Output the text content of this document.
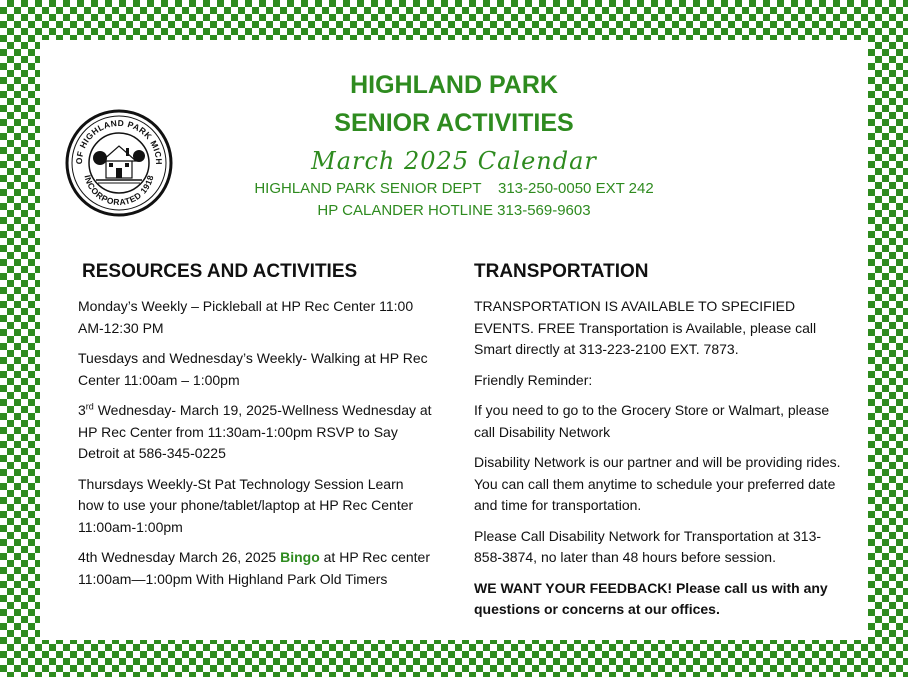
HIGHLAND PARK
SENIOR ACTIVITIES
March 2025 Calendar
HIGHLAND PARK SENIOR DEPT    313-250-0050 EXT 242
HP CALANDER HOTLINE 313-569-9603
OF HIGHLAND PARK MICH
INCORPORATED 1918
RESOURCES AND ACTIVITIES

Monday’s Weekly – Pickleball at HP Rec Center 11:00 AM-12:30 PM

Tuesdays and Wednesday’s Weekly- Walking at HP Rec Center 11:00am – 1:00pm

3rd Wednesday- March 19, 2025-Wellness Wednesday at HP Rec Center from 11:30am-1:00pm RSVP to Say Detroit at 586-345-0225

Thursdays Weekly-St Pat Technology Session Learn how to use your phone/tablet/laptop at HP Rec Center 11:00am-1:00pm

4th Wednesday March 26, 2025 Bingo at HP Rec center 11:00am—1:00pm With Highland Park Old Timers

TRANSPORTATION

TRANSPORTATION IS AVAILABLE TO SPECIFIED EVENTS. FREE Transportation is Available, please call Smart directly at 313-223-2100 EXT. 7873.

Friendly Reminder:

If you need to go to the Grocery Store or Walmart, please call Disability Network

Disability Network is our partner and will be providing rides. You can call them anytime to schedule your preferred date and time for transportation.

Please Call Disability Network for Transportation at 313-858-3874, no later than 48 hours before session.

WE WANT YOUR FEEDBACK! Please call us with any questions or concerns at our offices.
